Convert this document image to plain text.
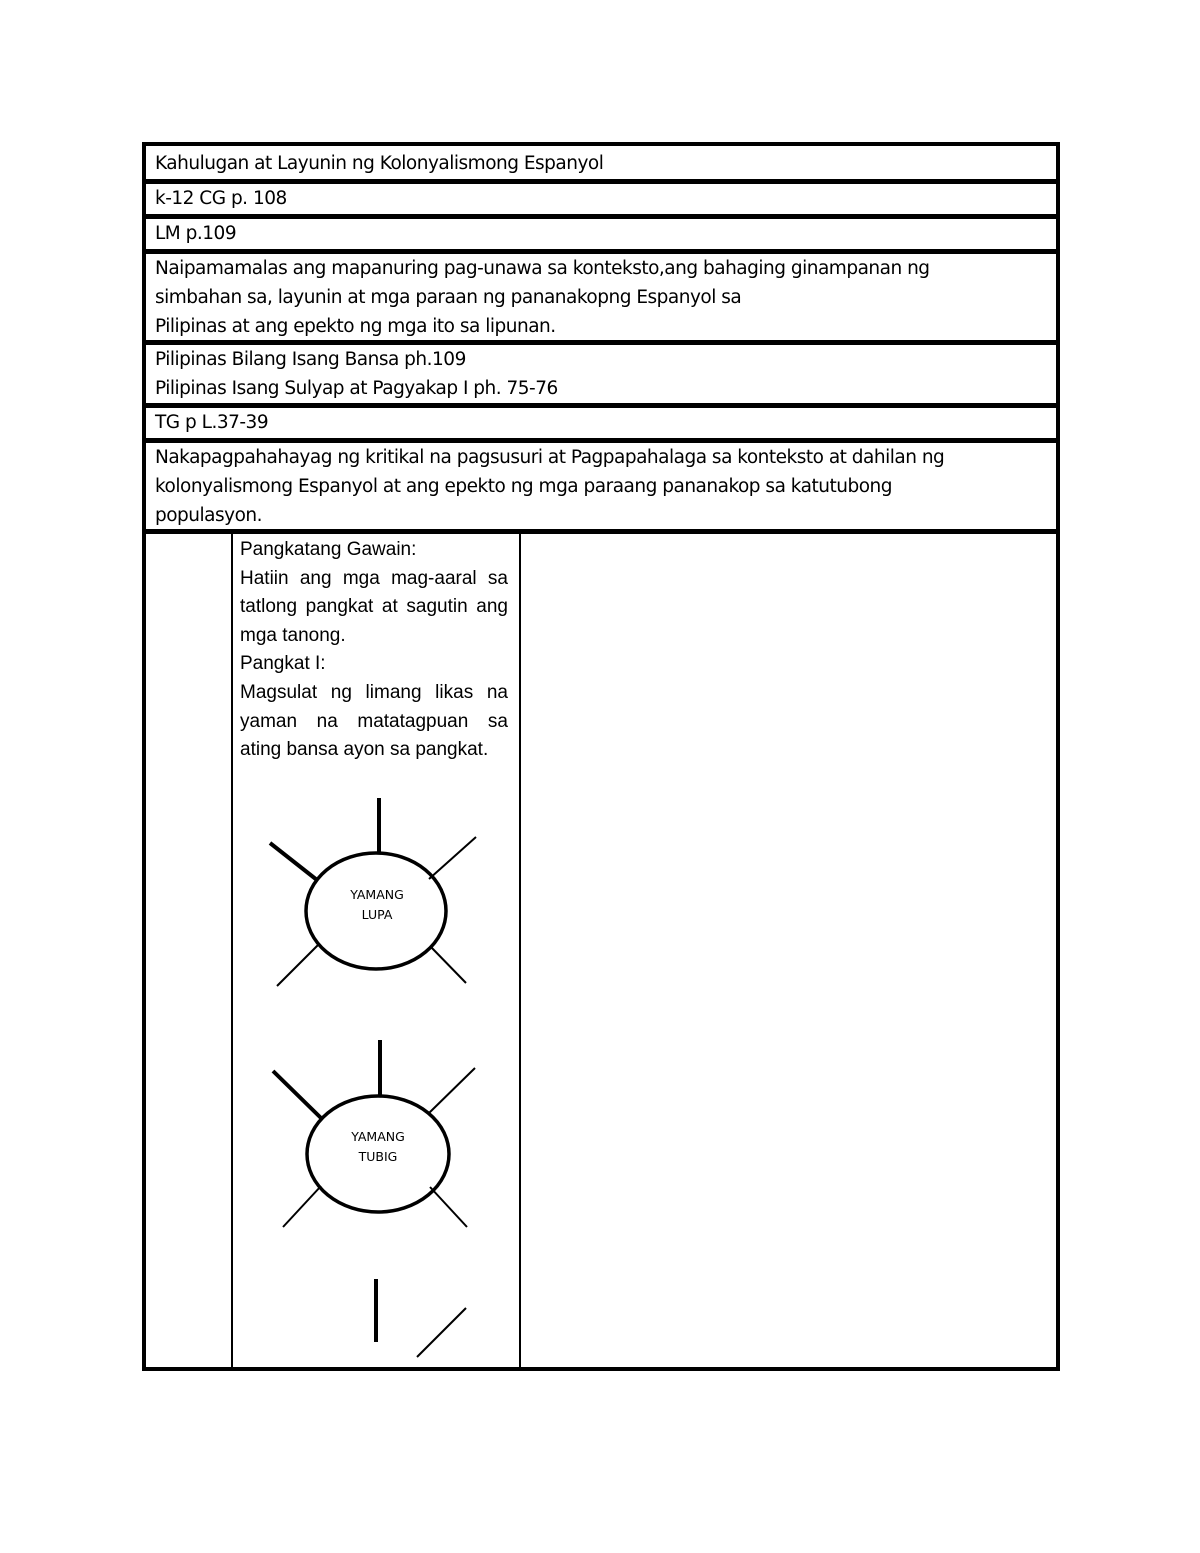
Kahulugan at Layunin ng Kolonyalismong Espanyol
k-12 CG p. 108
LM p.109
Naipamamalas ang mapanuring pag-unawa sa konteksto,ang bahaging ginampanan ng
simbahan sa, layunin at mga paraan ng pananakopng Espanyol sa
Pilipinas at ang epekto ng mga ito sa lipunan.
Pilipinas Bilang Isang Bansa ph.109
Pilipinas Isang Sulyap at Pagyakap I ph. 75-76
TG p L.37-39
Nakapagpahahayag ng kritikal na pagsusuri at Pagpapahalaga sa konteksto at dahilan ng
kolonyalismong Espanyol at ang epekto ng mga paraang pananakop sa katutubong
populasyon.

Pangkatang Gawain:

Hatiin ang mga mag-aaral sa tatlong pangkat at sagutin ang mga tanong.

Pangkat I:

Magsulat ng limang likas na yaman na matatagpuan sa ating bansa ayon sa pangkat.

YAMANG
LUPA
YAMANG
TUBIG
